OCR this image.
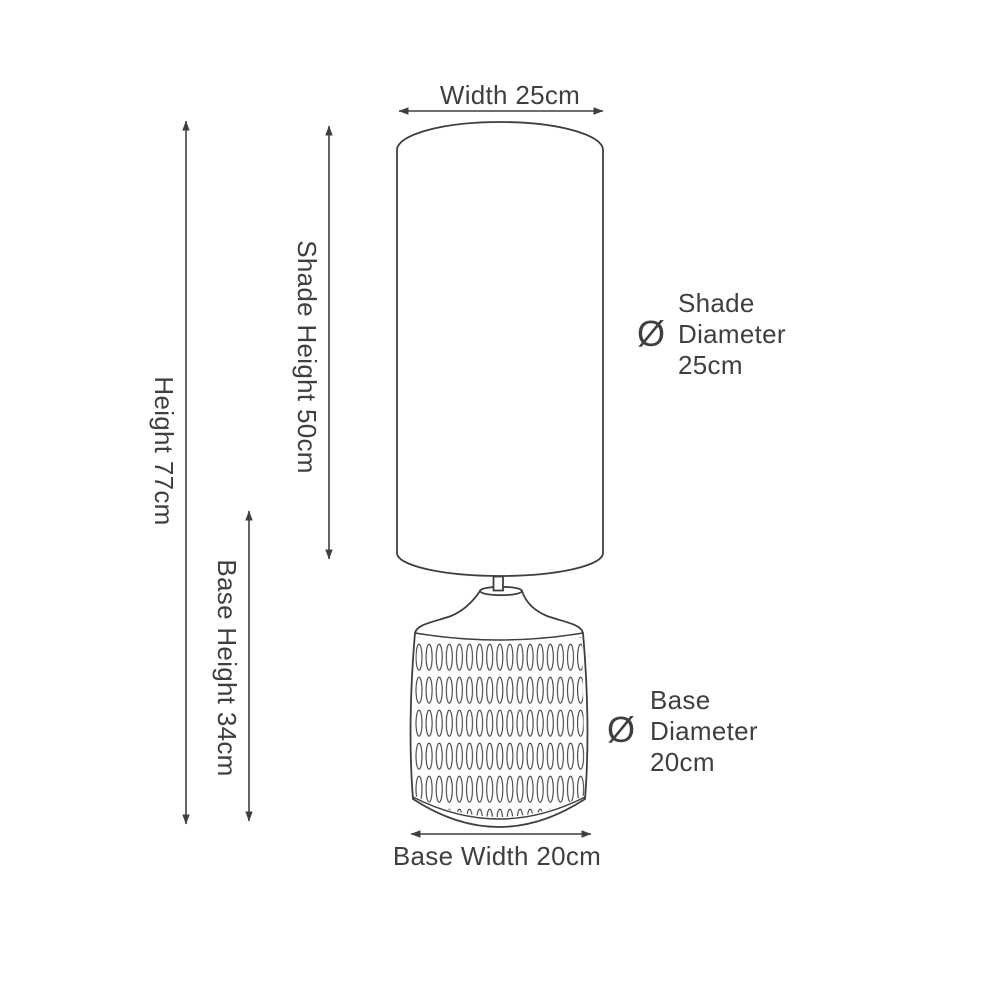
Width 25cm
Height 77cm	Shade Height 50cm
Base Height 34cm
Base Width 20cm
Ø
Shade
Diameter
25cm
Ø
Base
Diameter
20cm
